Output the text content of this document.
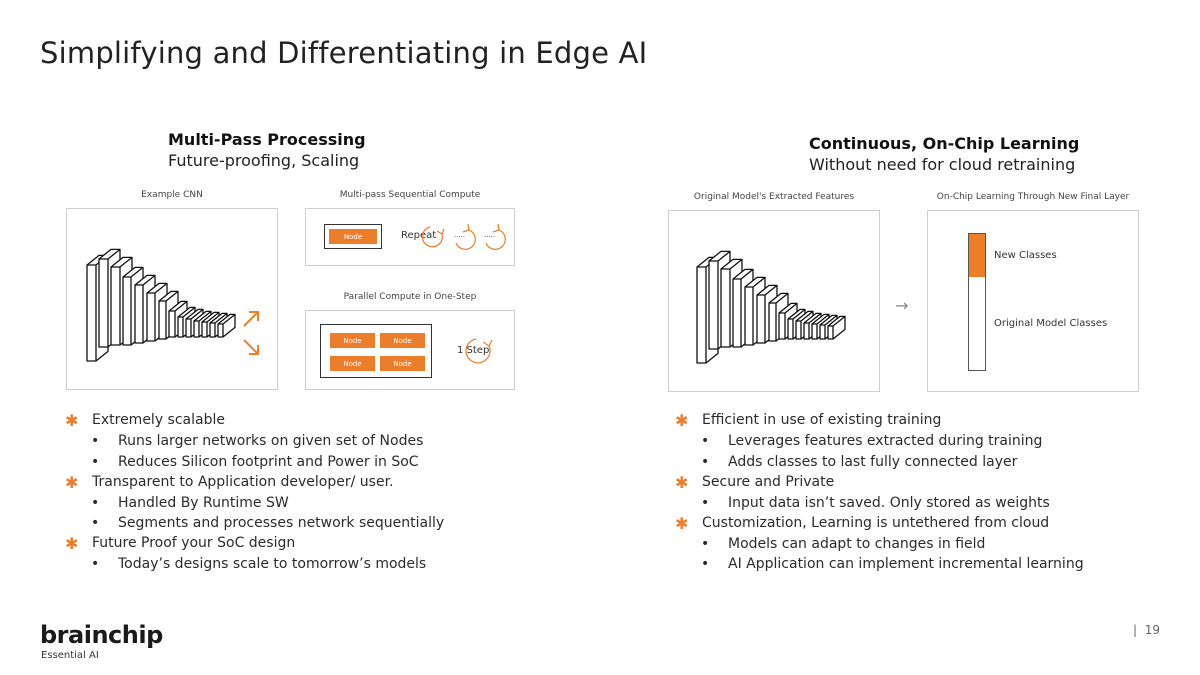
Simplifying and Differentiating in Edge AI
Multi-Pass Processing
Future-proofing, Scaling
Example CNN	Multi-pass Sequential Compute
Parallel Compute in One-Step
Node	Repeat	.....	.....
Node	Node
Node	Node
1 Step
Continuous, On-Chip Learning
Without need for cloud retraining
Original Model's Extracted Features	On-Chip Learning Through New Final Layer
→
New Classes
Original Model Classes
✱ Extremely scalable
• Runs larger networks on given set of Nodes
• Reduces Silicon footprint and Power in SoC
✱ Transparent to Application developer/ user.
• Handled By Runtime SW
• Segments and processes network sequentially
✱ Future Proof your SoC design
• Today’s designs scale to tomorrow’s models
✱ Efficient in use of existing training
• Leverages features extracted during training
• Adds classes to last fully connected layer
✱ Secure and Private
• Input data isn’t saved. Only stored as weights
✱ Customization, Learning is untethered from cloud
• Models can adapt to changes in field
• AI Application can implement incremental learning
brainchip
Essential AI
| 19
